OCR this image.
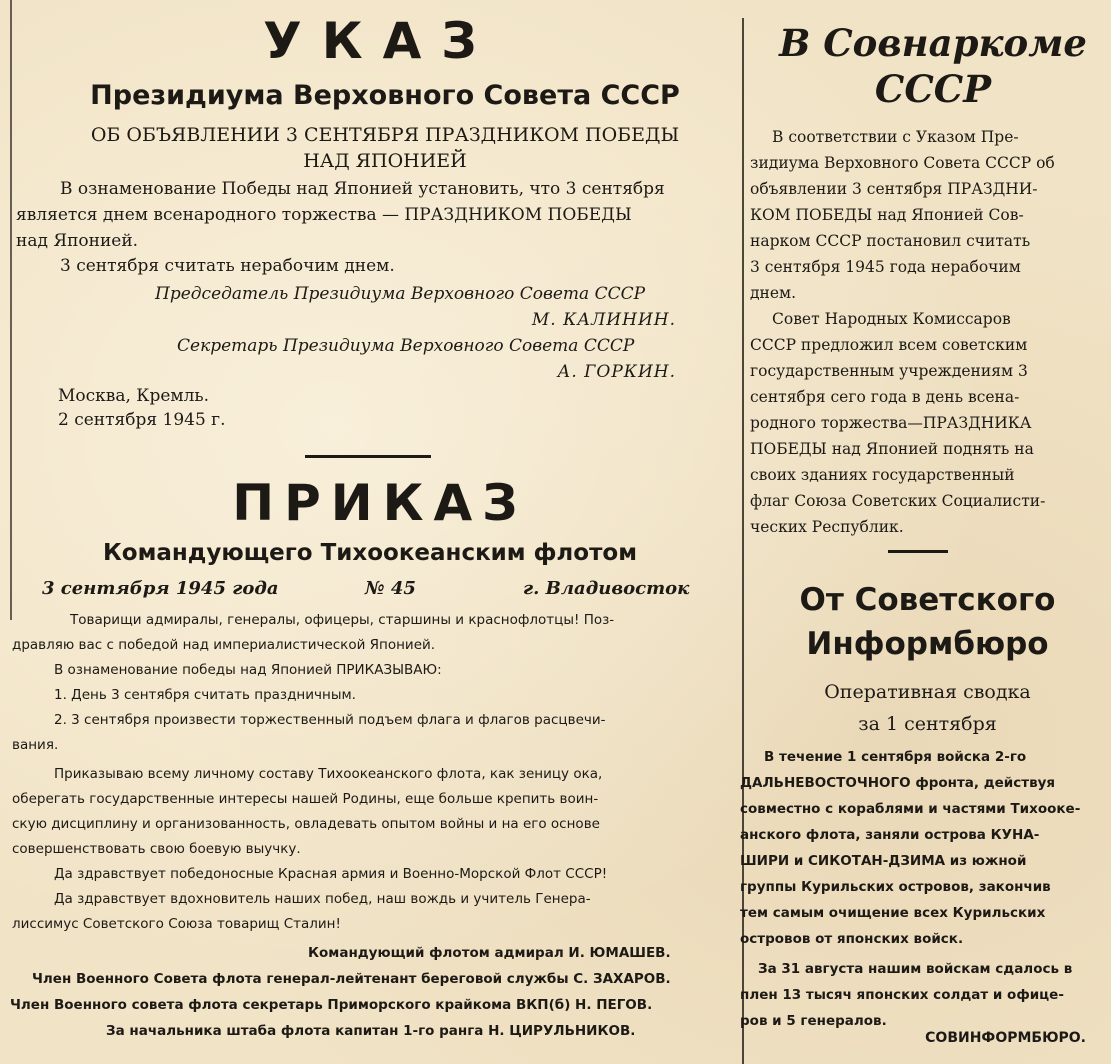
УКАЗ
Президиума Верховного Совета СССР
ОБ ОБЪЯВЛЕНИИ 3 СЕНТЯБРЯ ПРАЗДНИКОМ ПОБЕДЫ
НАД ЯПОНИЕЙ
В ознаменование Победы над Японией установить, что 3 сентября
является днем всенародного торжества — ПРАЗДНИКОМ ПОБЕДЫ
над Японией.
3 сентября считать нерабочим днем.
Председатель Президиума Верховного Совета СССР
М. КАЛИНИН.
Секретарь Президиума Верховного Совета СССР
А. ГОРКИН.
Москва, Кремль.
2 сентября 1945 г.
ПРИКАЗ
Командующего Тихоокеанским флотом
3 сентября 1945 года	№ 45	г. Владивосток
Товарищи адмиралы, генералы, офицеры, старшины и краснофлотцы! Поз-
дравляю вас с победой над империалистической Японией.
В ознаменование победы над Японией ПРИКАЗЫВАЮ:
1. День 3 сентября считать праздничным.
2. 3 сентября произвести торжественный подъем флага и флагов расцвечи-
вания.
Приказываю всему личному составу Тихоокеанского флота, как зеницу ока,
оберегать государственные интересы нашей Родины, еще больше крепить воин-
скую дисциплину и организованность, овладевать опытом войны и на его основе
совершенствовать свою боевую выучку.
Да здравствует победоносные Красная армия и Военно-Морской Флот СССР!
Да здравствует вдохновитель наших побед, наш вождь и учитель Генера-
лиссимус Советского Союза товарищ Сталин!
Командующий флотом адмирал И. ЮМАШЕВ.
Член Военного Совета флота генерал-лейтенант береговой службы С. ЗАХАРОВ.
Член Военного совета флота секретарь Приморского крайкома ВКП(б) Н. ПЕГОВ.
За начальника штаба флота капитан 1-го ранга Н. ЦИРУЛЬНИКОВ.
В Совнаркоме
СССР
В соответствии с Указом Пре-
зидиума Верховного Совета СССР об
объявлении 3 сентября ПРАЗДНИ-
КОМ ПОБЕДЫ над Японией Сов-
нарком СССР постановил считать
3 сентября 1945 года нерабочим
днем.
Совет Народных Комиссаров
СССР предложил всем советским
государственным учреждениям 3
сентября сего года в день всена-
родного торжества—ПРАЗДНИКА
ПОБЕДЫ над Японией поднять на
своих зданиях государственный
флаг Союза Советских Социалисти-
ческих Республик.
От Советского
Информбюро
Оперативная сводка
за 1 сентября
В течение 1 сентября войска 2-го
ДАЛЬНЕВОСТОЧНОГО фронта, действуя
совместно с кораблями и частями Тихооке-
анского флота, заняли острова КУНА-
ШИРИ и СИКОТАН-ДЗИМА из южной
группы Курильских островов, закончив
тем самым очищение всех Курильских
островов от японских войск.
За 31 августа нашим войскам сдалось в
плен 13 тысяч японских солдат и офице-
ров и 5 генералов.
СОВИНФОРМБЮРО.
